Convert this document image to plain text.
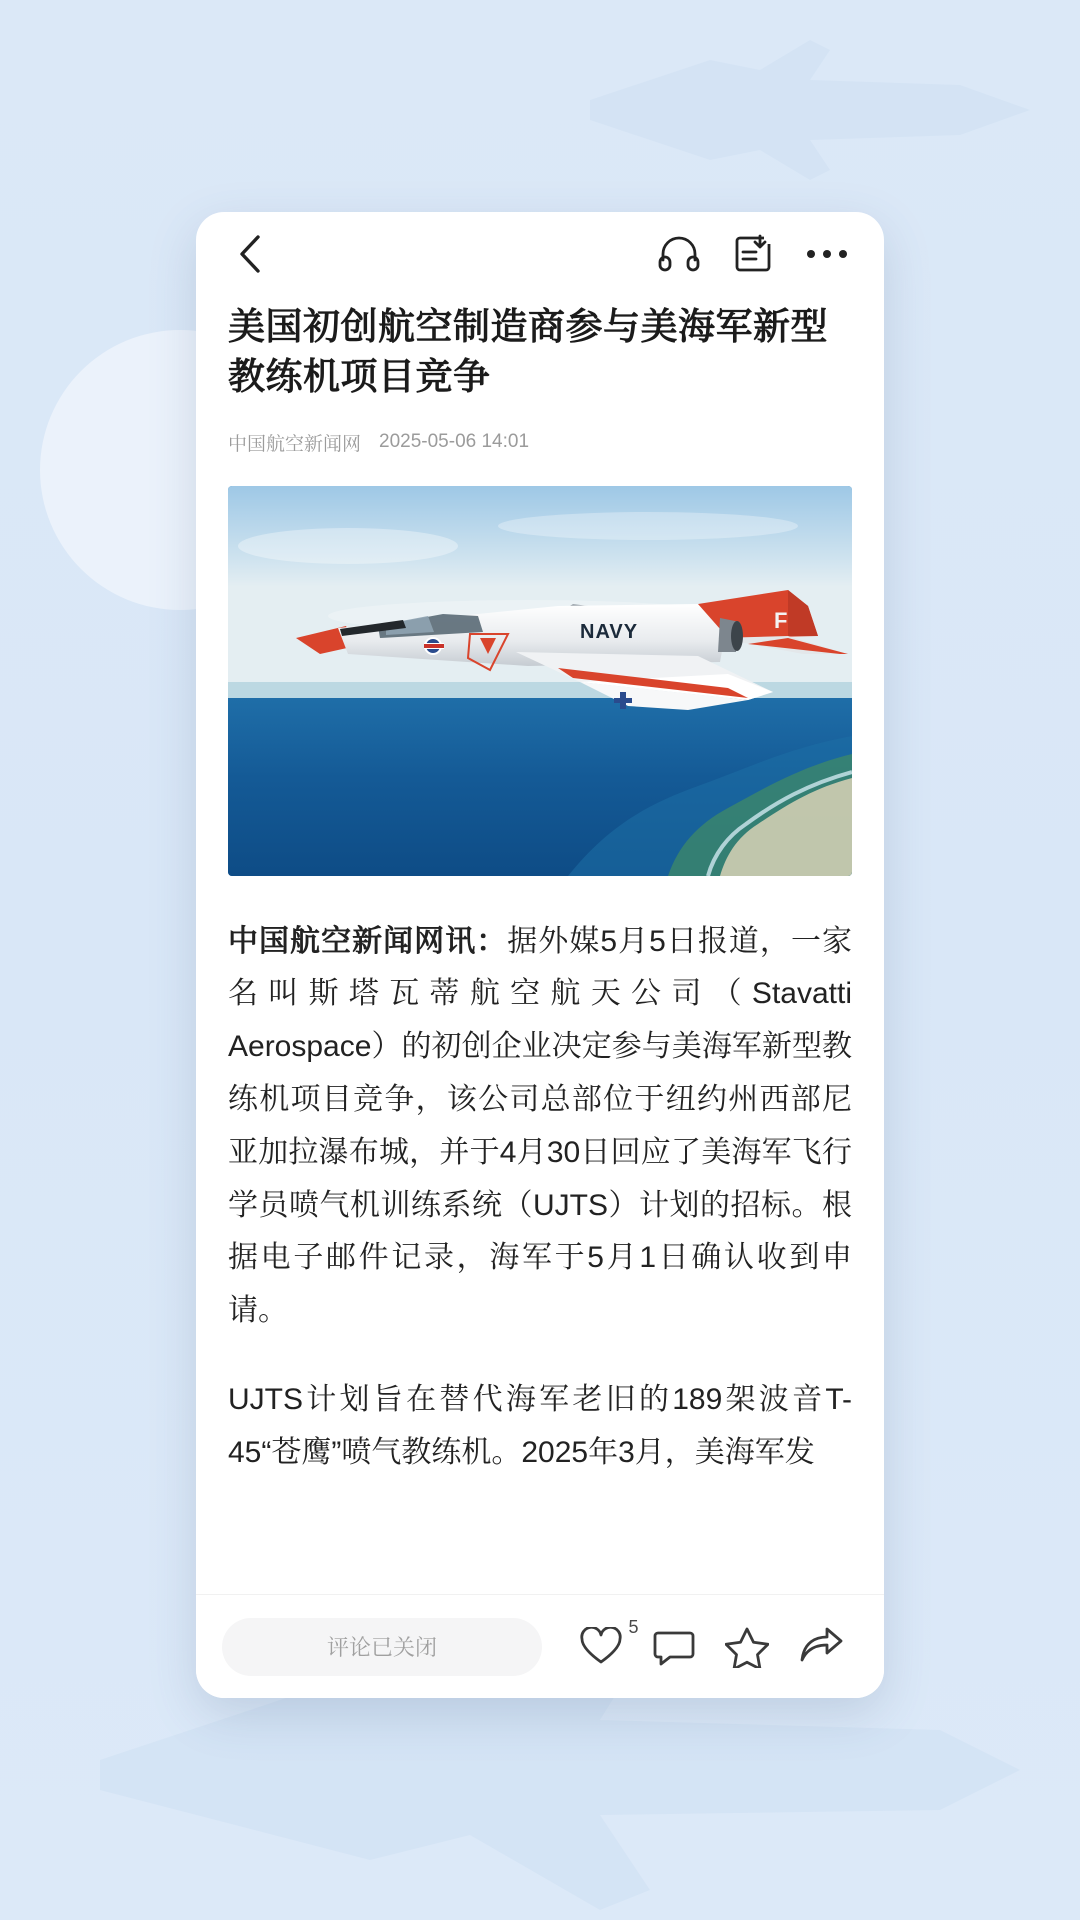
美国初创航空制造商参与美海军新型教练机项目竞争
中国航空新闻网 2025-05-06 14:01
NAVY	F
中国航空新闻网讯：据外媒5月5日报道，一家名叫斯塔瓦蒂航空航天公司（Stavatti Aerospace）的初创企业决定参与美海军新型教练机项目竞争，该公司总部位于纽约州西部尼亚加拉瀑布城，并于4月30日回应了美海军飞行学员喷气机训练系统（UJTS）计划的招标。根据电子邮件记录，海军于5月1日确认收到申请。
UJTS计划旨在替代海军老旧的189架波音T-45“苍鹰”喷气教练机。2025年3月，美海军发
评论已关闭
5
